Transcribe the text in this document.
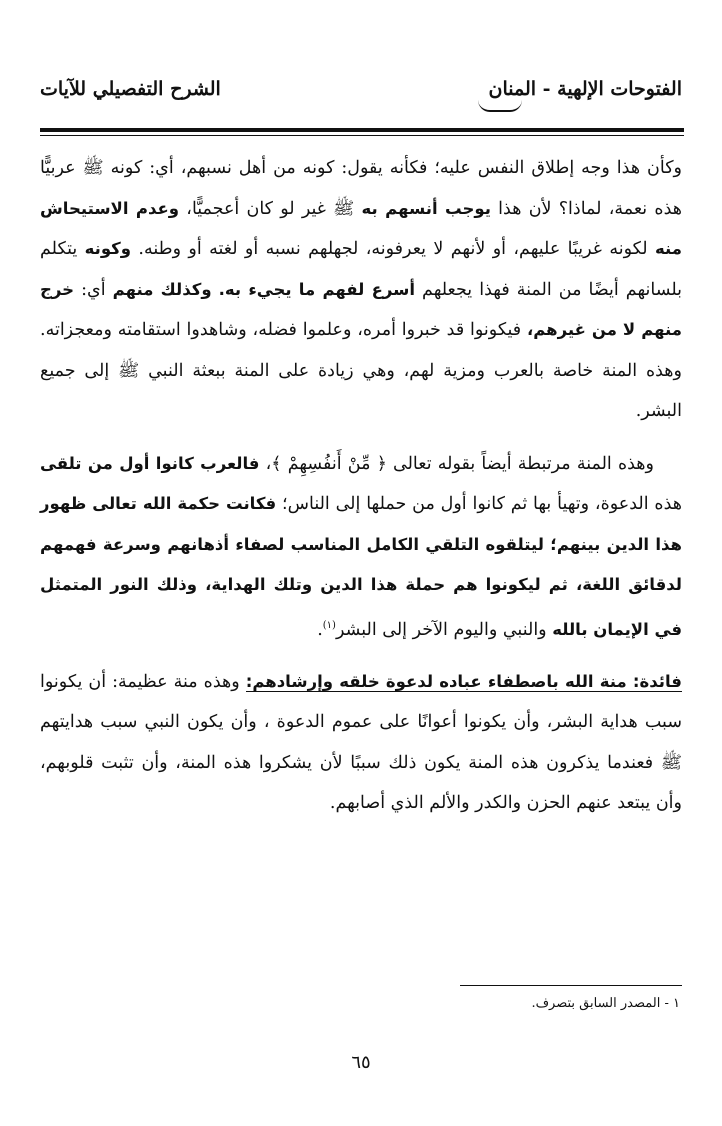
الفتوحات الإلهية - المنان
الشرح التفصيلي للآيات

وكأن هذا وجه إطلاق النفس عليه؛ فكأنه يقول: كونه من أهل نسبهم، أي: كونه ﷺ عربيًّا هذه نعمة، لماذا؟ لأن هذا يوجب أنسهم به ﷺ غير لو كان أعجميًّا، وعدم الاستيحاش منه لكونه غريبًا عليهم، أو لأنهم لا يعرفونه، لجهلهم نسبه أو لغته أو وطنه. وكونه يتكلم بلسانهم أيضًا من المنة فهذا يجعلهم أسرع لفهم ما يجيء به. وكذلك منهم أي: خرج منهم لا من غيرهم، فيكونوا قد خبروا أمره، وعلموا فضله، وشاهدوا استقامته ومعجزاته. وهذه المنة خاصة بالعرب ومزية لهم، وهي زيادة على المنة ببعثة النبي ﷺ إلى جميع البشر.

وهذه المنة مرتبطة أيضاً بقوله تعالى ﴿ مِّنْ أَنفُسِهِمْ ﴾، فالعرب كانوا أول من تلقى هذه الدعوة، وتهيأ بها ثم كانوا أول من حملها إلى الناس؛ فكانت حكمة الله تعالى ظهور هذا الدين بينهم؛ ليتلقوه التلقي الكامل المناسب لصفاء أذهانهم وسرعة فهمهم لدقائق اللغة، ثم ليكونوا هم حملة هذا الدين وتلك الهداية، وذلك النور المتمثل في الإيمان بالله والنبي واليوم الآخر إلى البشر$^{(١)}$.

فائدة: منة الله باصطفاء عباده لدعوة خلقه وإرشادهم: وهذه منة عظيمة: أن يكونوا سبب هداية البشر، وأن يكونوا أعوانًا على عموم الدعوة ، وأن يكون النبي سبب هدايتهم ﷺ فعندما يذكرون هذه المنة يكون ذلك سببًا لأن يشكروا هذه المنة، وأن تثبت قلوبهم، وأن يبتعد عنهم الحزن والكدر والألم الذي أصابهم.

١ - المصدر السابق بتصرف.
٦٥
